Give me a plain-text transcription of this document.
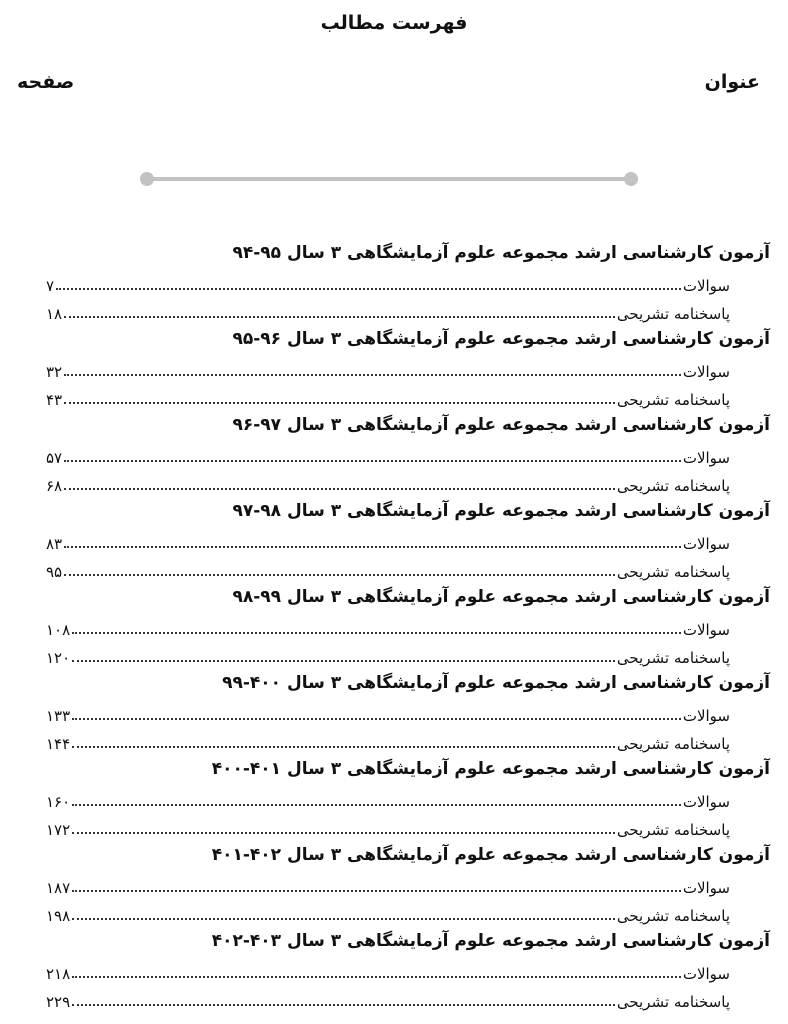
فهرست مطالب
عنوان
صفحه
آزمون کارشناسی ارشد مجموعه علوم آزمایشگاهی ۳ سال ۹۵-۹۴
سوالات
۷
پاسخنامه تشریحی
۱۸
آزمون کارشناسی ارشد مجموعه علوم آزمایشگاهی ۳ سال ۹۶-۹۵
سوالات
۳۲
پاسخنامه تشریحی
۴۳
آزمون کارشناسی ارشد مجموعه علوم آزمایشگاهی ۳ سال ۹۷-۹۶
سوالات
۵۷
پاسخنامه تشریحی
۶۸
آزمون کارشناسی ارشد مجموعه علوم آزمایشگاهی ۳ سال ۹۸-۹۷
سوالات
۸۳
پاسخنامه تشریحی
۹۵
آزمون کارشناسی ارشد مجموعه علوم آزمایشگاهی ۳ سال ۹۹-۹۸
سوالات
۱۰۸
پاسخنامه تشریحی
۱۲۰
آزمون کارشناسی ارشد مجموعه علوم آزمایشگاهی ۳ سال ۴۰۰-۹۹
سوالات
۱۳۳
پاسخنامه تشریحی
۱۴۴
آزمون کارشناسی ارشد مجموعه علوم آزمایشگاهی ۳ سال ۴۰۱-۴۰۰
سوالات
۱۶۰
پاسخنامه تشریحی
۱۷۲
آزمون کارشناسی ارشد مجموعه علوم آزمایشگاهی ۳ سال ۴۰۲-۴۰۱
سوالات
۱۸۷
پاسخنامه تشریحی
۱۹۸
آزمون کارشناسی ارشد مجموعه علوم آزمایشگاهی ۳ سال ۴۰۳-۴۰۲
سوالات
۲۱۸
پاسخنامه تشریحی
۲۲۹
